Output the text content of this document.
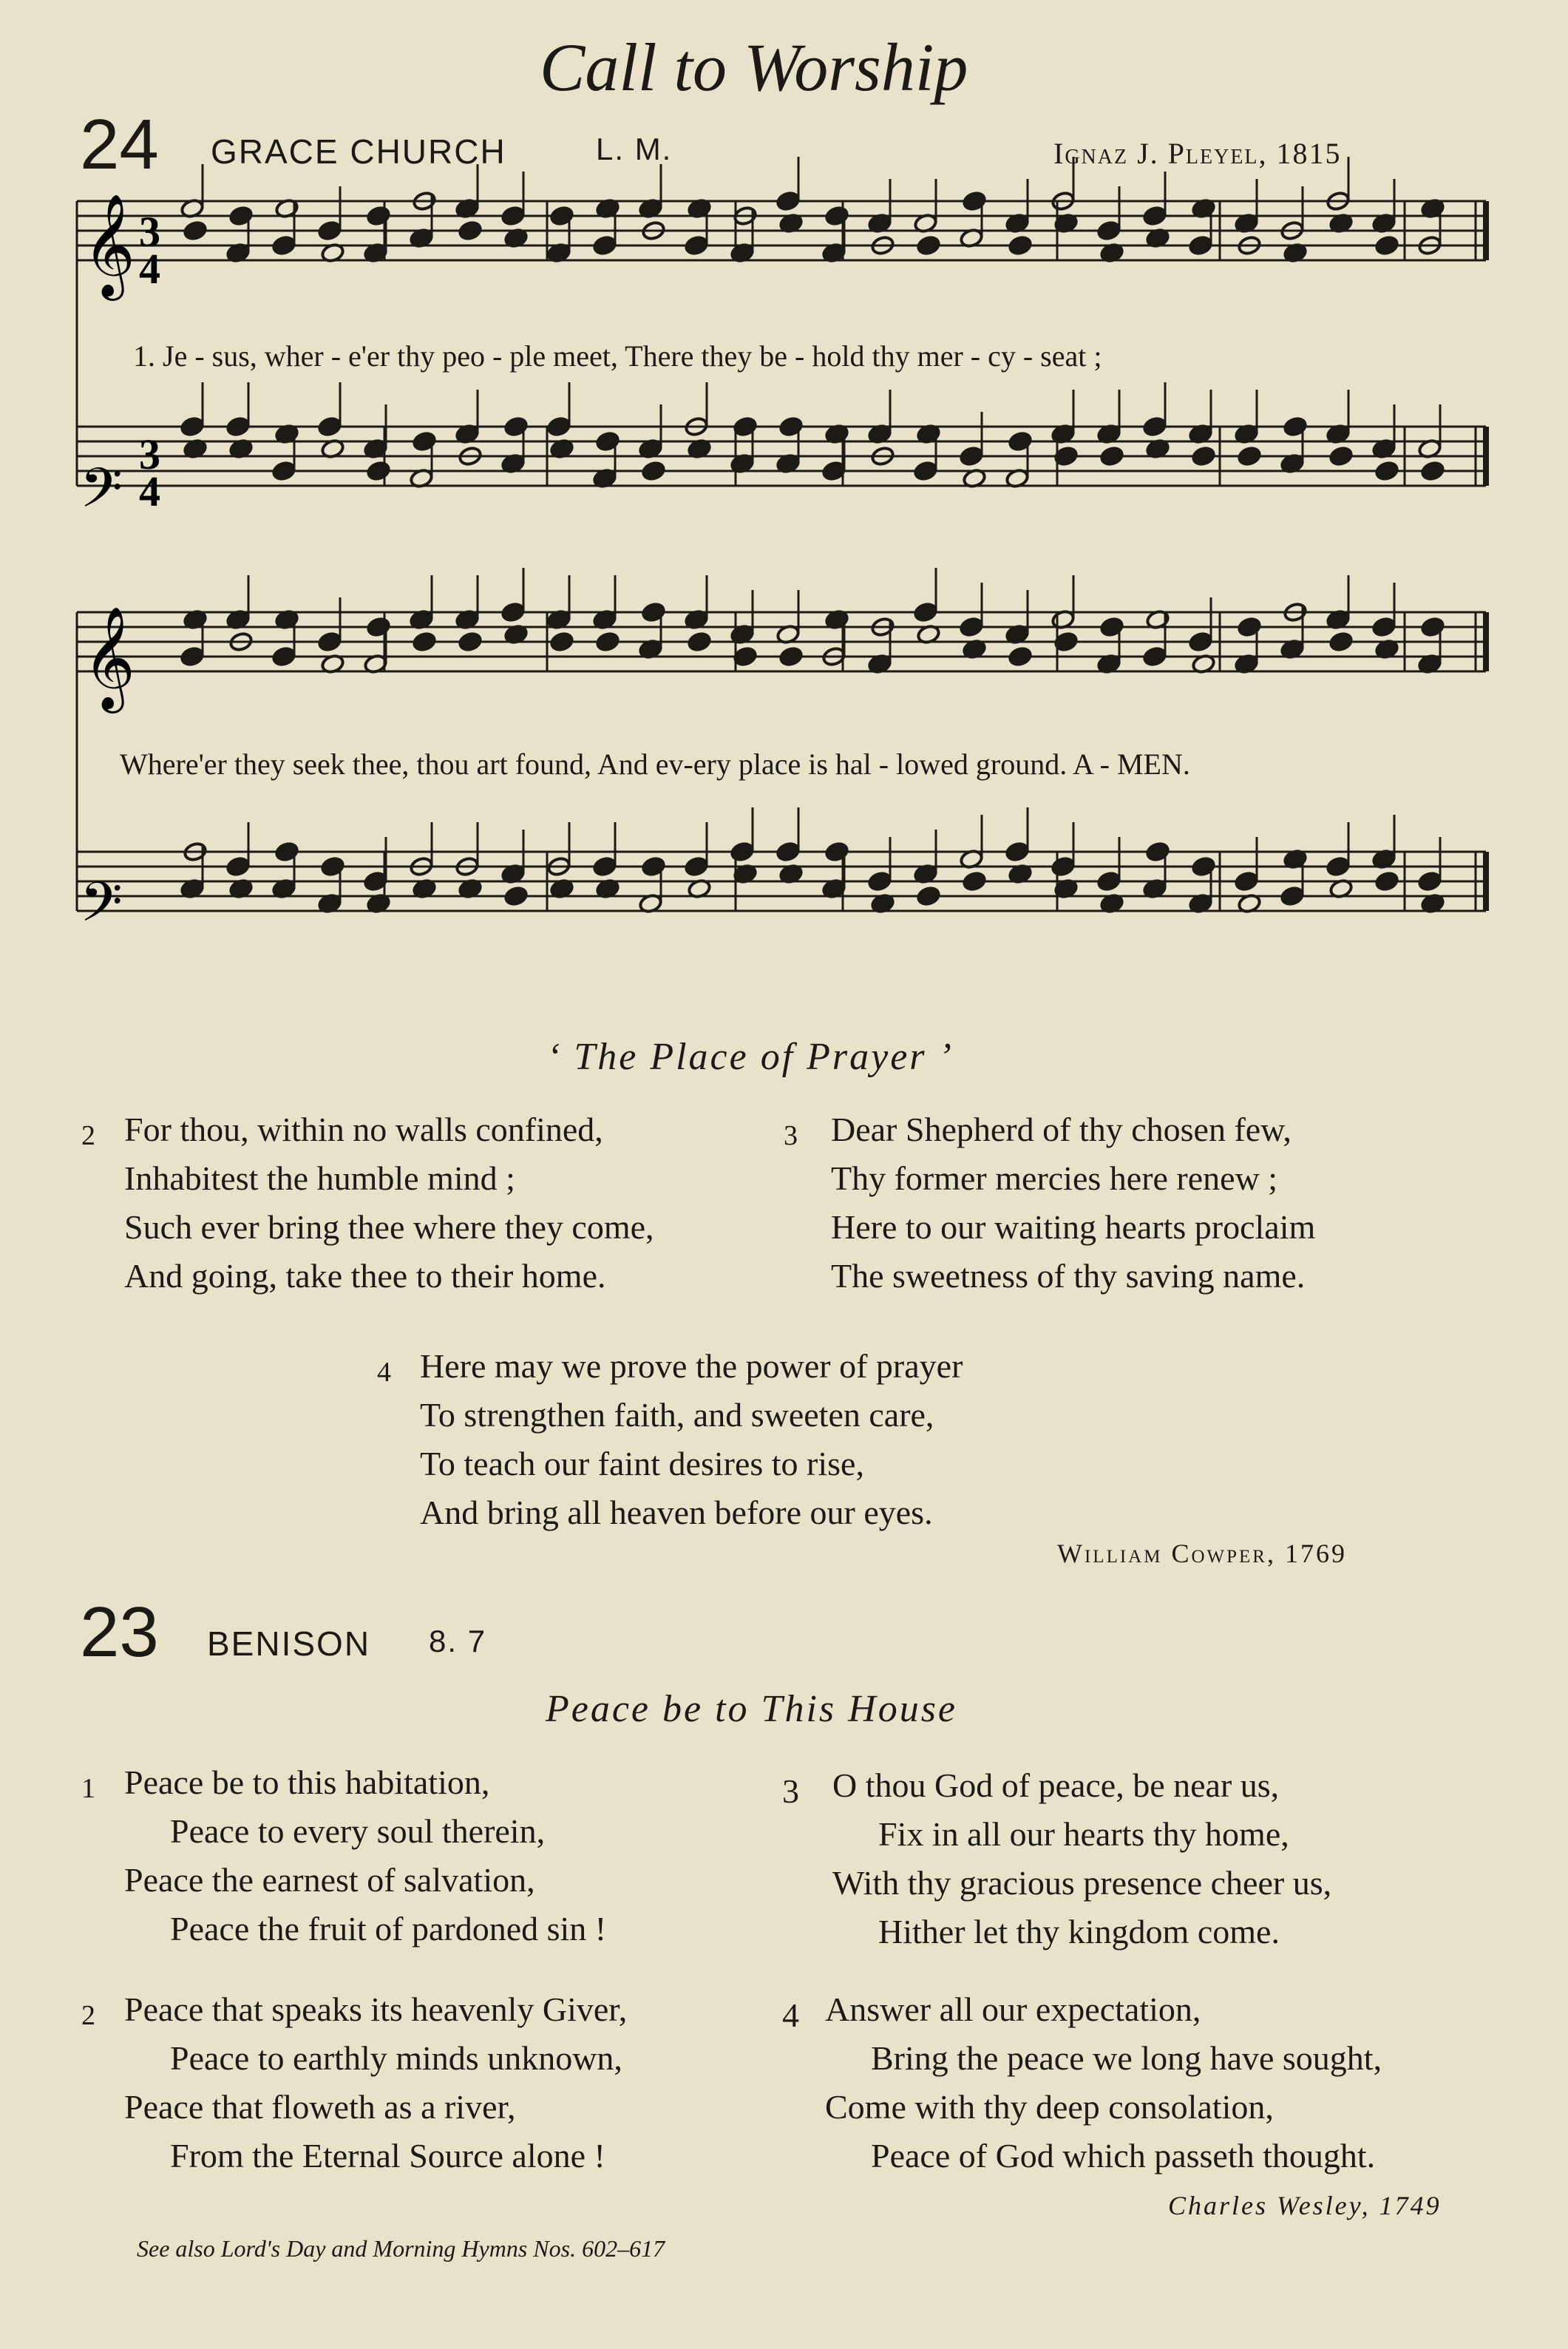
Call to Worship
24 GRACE CHURCH	L. M.	Ignaz J. Pleyel, 1815
𝄞
𝄢
𝄞
𝄢
3
4
3
4
1. Je - sus, wher - e'er thy peo - ple meet, There they be - hold thy mer - cy - seat ;
Where'er they seek thee, thou art found, And ev-ery place is hal - lowed ground. A - MEN.
‘ The Place of Prayer ’
2 For thou, within no walls confined,
Inhabitest the humble mind ;
Such ever bring thee where they come,
And going, take thee to their home.
3 Dear Shepherd of thy chosen few,
Thy former mercies here renew ;
Here to our waiting hearts proclaim
The sweetness of thy saving name.
4 Here may we prove the power of prayer
To strengthen faith, and sweeten care,
To teach our faint desires to rise,
And bring all heaven before our eyes.
William Cowper, 1769
23 BENISON 8. 7
Peace be to This House
1 Peace be to this habitation,
Peace to every soul therein,
Peace the earnest of salvation,
Peace the fruit of pardoned sin !
3 O thou God of peace, be near us,
Fix in all our hearts thy home,
With thy gracious presence cheer us,
Hither let thy kingdom come.
2 Peace that speaks its heavenly Giver,
Peace to earthly minds unknown,
Peace that floweth as a river,
From the Eternal Source alone !
4 Answer all our expectation,
Bring the peace we long have sought,
Come with thy deep consolation,
Peace of God which passeth thought.
Charles Wesley, 1749
See also Lord's Day and Morning Hymns Nos. 602–617
